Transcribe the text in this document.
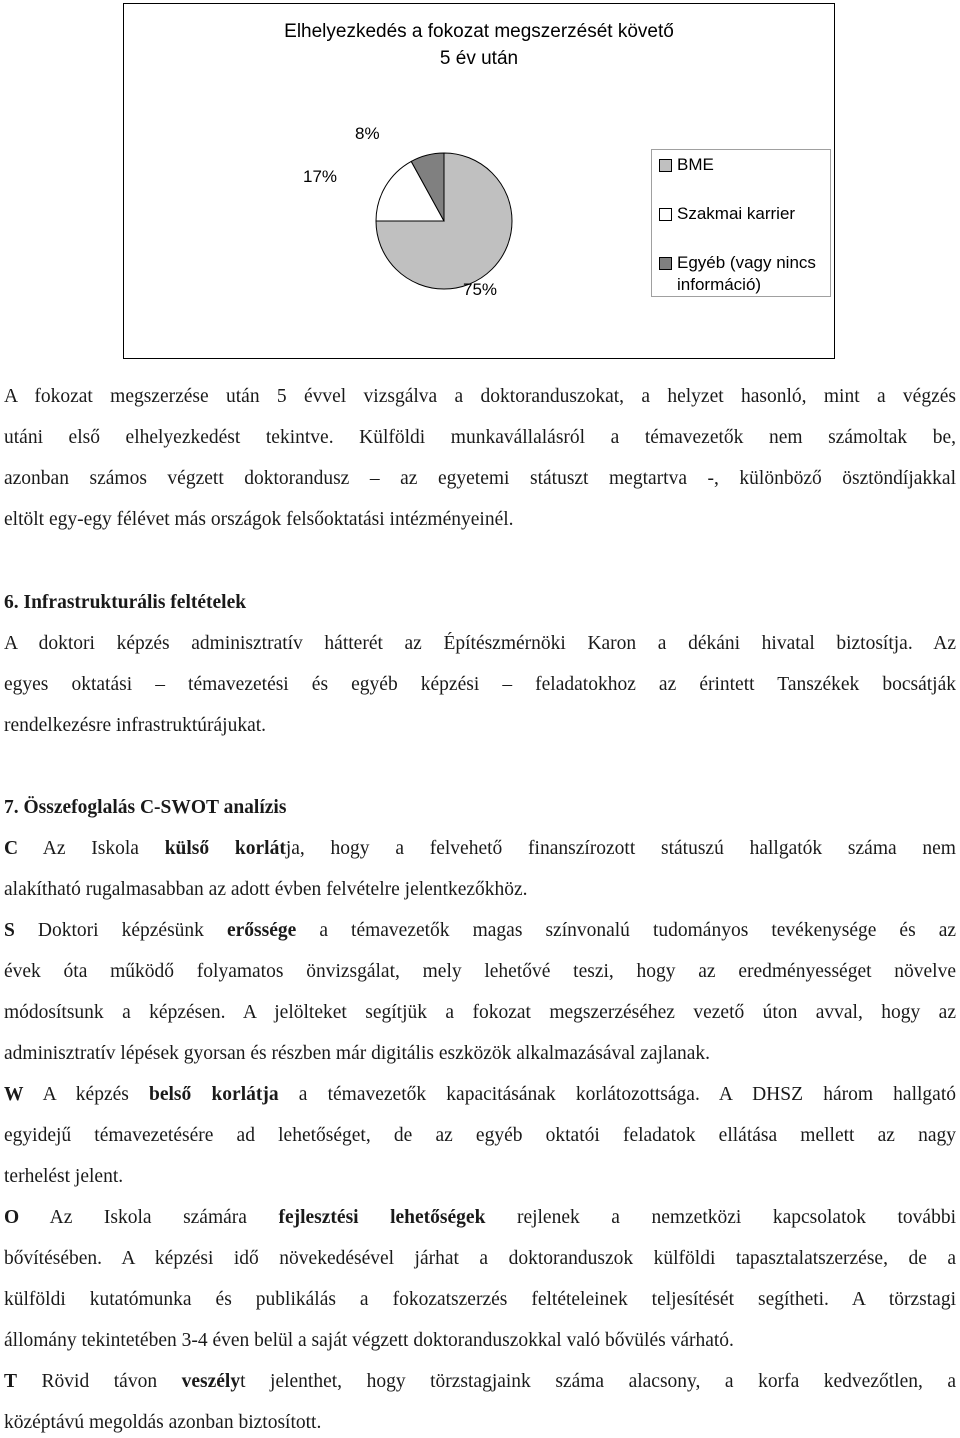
Elhelyezkedés a fokozat megszerzését követő
5 év után
75%
17%
8%
BME
Szakmai karrier
Egyéb (vagy nincs
információ)
A fokozat megszerzése után 5 évvel vizsgálva a doktoranduszokat, a helyzet hasonló, mint a végzés
utáni első elhelyezkedést tekintve. Külföldi munkavállalásról a témavezetők nem számoltak be,
azonban számos végzett doktorandusz – az egyetemi státuszt megtartva -, különböző ösztöndíjakkal
eltölt egy-egy félévet más országok felsőoktatási intézményeinél.
6. Infrastrukturális feltételek
A doktori képzés adminisztratív hátterét az Építészmérnöki Karon a dékáni hivatal biztosítja. Az
egyes oktatási – témavezetési és egyéb képzési – feladatokhoz az érintett Tanszékek bocsátják
rendelkezésre infrastruktúrájukat.
7. Összefoglalás C-SWOT analízis
C Az Iskola külső korlátja, hogy a felvehető finanszírozott státuszú hallgatók száma nem
alakítható rugalmasabban az adott évben felvételre jelentkezőkhöz.
S Doktori képzésünk erőssége a témavezetők magas színvonalú tudományos tevékenysége és az
évek óta működő folyamatos önvizsgálat, mely lehetővé teszi, hogy az eredményességet növelve
módosítsunk a képzésen. A jelölteket segítjük a fokozat megszerzéséhez vezető úton avval, hogy az
adminisztratív lépések gyorsan és részben már digitális eszközök alkalmazásával zajlanak.
W A képzés belső korlátja a témavezetők kapacitásának korlátozottsága. A DHSZ három hallgató
egyidejű témavezetésére ad lehetőséget, de az egyéb oktatói feladatok ellátása mellett az nagy
terhelést jelent.
O Az Iskola számára fejlesztési lehetőségek rejlenek a nemzetközi kapcsolatok további
bővítésében. A képzési idő növekedésével járhat a doktoranduszok külföldi tapasztalatszerzése, de a
külföldi kutatómunka és publikálás a fokozatszerzés feltételeinek teljesítését segítheti. A törzstagi
állomány tekintetében 3-4 éven belül a saját végzett doktoranduszokkal való bővülés várható.
T Rövid távon veszélyt jelenthet, hogy törzstagjaink száma alacsony, a korfa kedvezőtlen, a
középtávú megoldás azonban biztosított.
